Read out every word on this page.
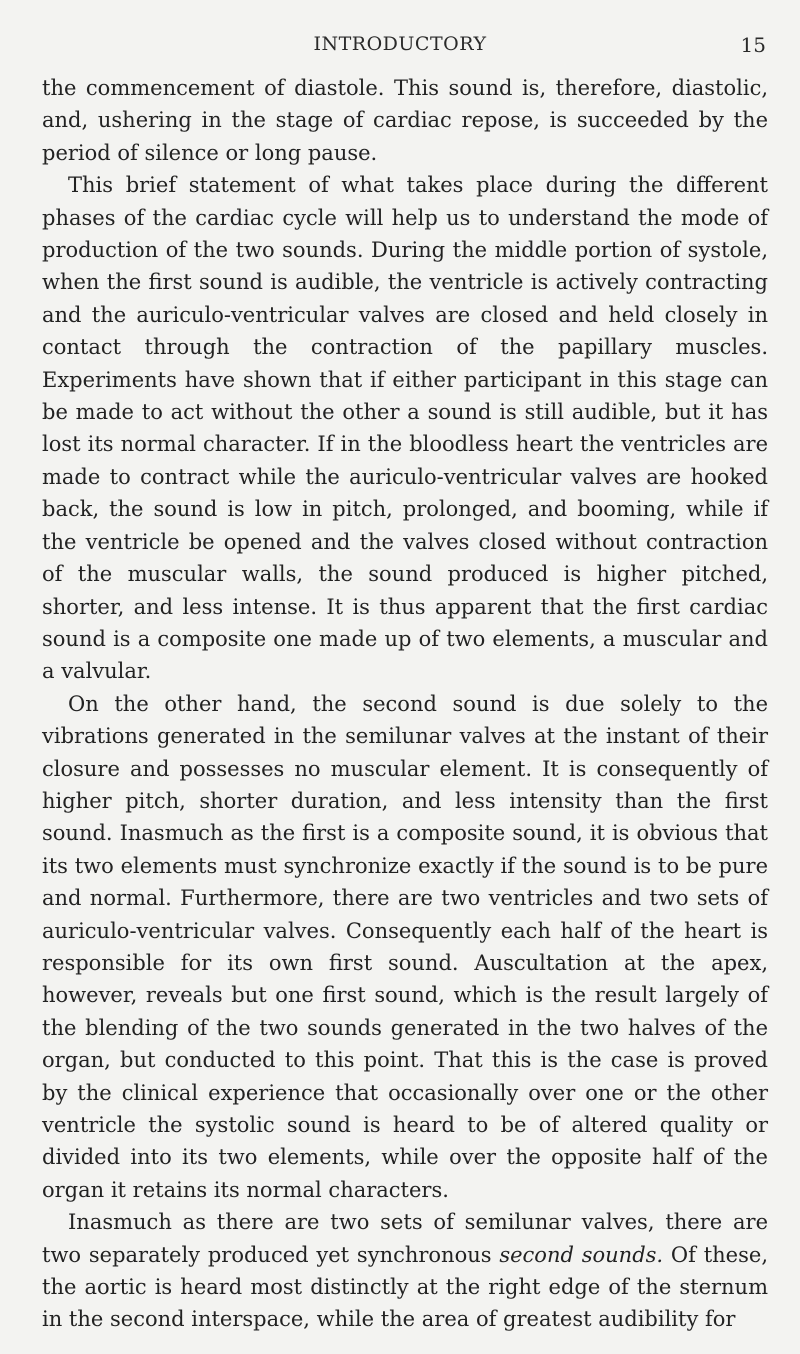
INTRODUCTORY	15

the commencement of diastole. This sound is, therefore, diastolic, and, ushering in the stage of cardiac repose, is succeeded by the period of silence or long pause.

This brief statement of what takes place during the different phases of the cardiac cycle will help us to understand the mode of production of the two sounds. During the middle portion of systole, when the first sound is audible, the ventricle is actively contracting and the auriculo-ventricular valves are closed and held closely in contact through the contraction of the papillary muscles. Experiments have shown that if either participant in this stage can be made to act without the other a sound is still audible, but it has lost its normal character. If in the bloodless heart the ventricles are made to contract while the auriculo-ventricular valves are hooked back, the sound is low in pitch, prolonged, and booming, while if the ventricle be opened and the valves closed without contraction of the muscular walls, the sound produced is higher pitched, shorter, and less intense. It is thus apparent that the first cardiac sound is a composite one made up of two elements, a muscular and a valvular.

On the other hand, the second sound is due solely to the vibrations generated in the semilunar valves at the instant of their closure and possesses no muscular element. It is consequently of higher pitch, shorter duration, and less intensity than the first sound. Inasmuch as the first is a composite sound, it is obvious that its two elements must synchronize exactly if the sound is to be pure and normal. Furthermore, there are two ventricles and two sets of auriculo-ventricular valves. Consequently each half of the heart is responsible for its own first sound. Auscultation at the apex, however, reveals but one first sound, which is the result largely of the blending of the two sounds generated in the two halves of the organ, but conducted to this point. That this is the case is proved by the clinical experience that occasionally over one or the other ventricle the systolic sound is heard to be of altered quality or divided into its two elements, while over the opposite half of the organ it retains its normal characters.

Inasmuch as there are two sets of semilunar valves, there are two separately produced yet synchronous second sounds. Of these, the aortic is heard most distinctly at the right edge of the sternum in the second interspace, while the area of greatest audibility for
